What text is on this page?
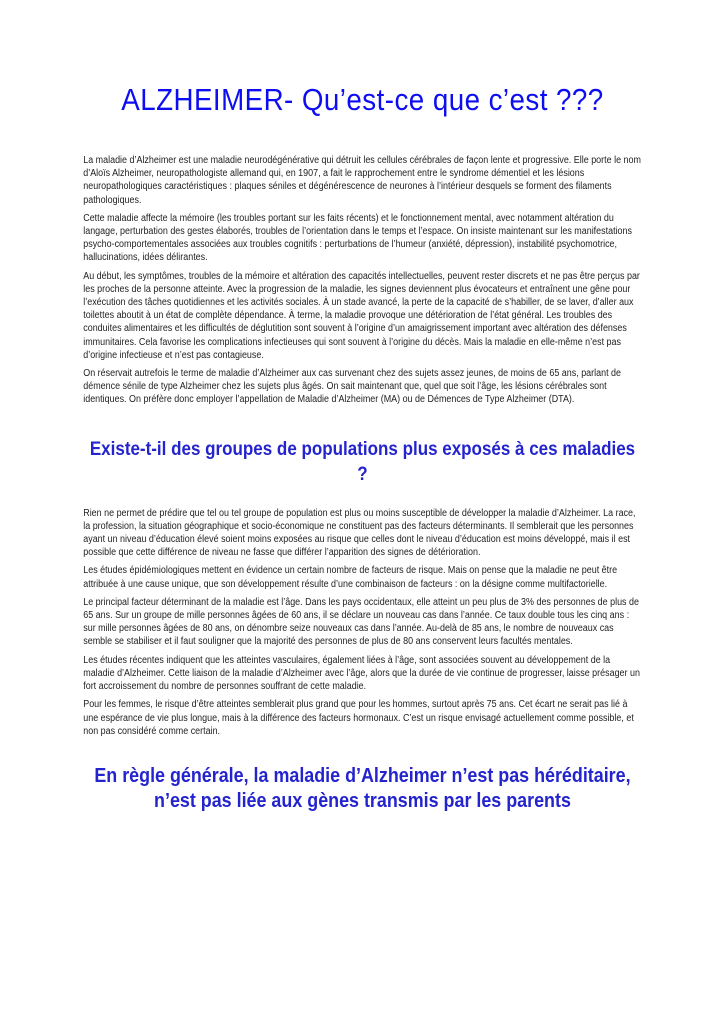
ALZHEIMER- Qu’est-ce que c’est ???

La maladie d’Alzheimer est une maladie neurodégénérative qui détruit les cellules cérébrales de façon lente et progressive. Elle porte le nom d’Aloïs Alzheimer, neuropathologiste allemand qui, en 1907, a fait le rapprochement entre le syndrome démentiel et les lésions neuropathologiques caractéristiques : plaques séniles et dégénérescence de neurones à l’intérieur desquels se forment des filaments pathologiques.

Cette maladie affecte la mémoire (les troubles portant sur les faits récents) et le fonctionnement mental, avec notamment altération du langage, perturbation des gestes élaborés, troubles de l’orientation dans le temps et l’espace. On insiste maintenant sur les manifestations psycho-comportementales associées aux troubles cognitifs : perturbations de l’humeur (anxiété, dépression), instabilité psychomotrice, hallucinations, idées délirantes.

Au début, les symptômes, troubles de la mémoire et altération des capacités intellectuelles, peuvent rester discrets et ne pas être perçus par les proches de la personne atteinte. Avec la progression de la maladie, les signes deviennent plus évocateurs et entraînent une gêne pour l’exécution des tâches quotidiennes et les activités sociales. À un stade avancé, la perte de la capacité de s’habiller, de se laver, d’aller aux toilettes aboutit à un état de complète dépendance. À terme, la maladie provoque une détérioration de l’état général. Les troubles des conduites alimentaires et les difficultés de déglutition sont souvent à l’origine d’un amaigrissement important avec altération des défenses immunitaires. Cela favorise les complications infectieuses qui sont souvent à l’origine du décès. Mais la maladie en elle-même n’est pas d’origine infectieuse et n’est pas contagieuse.

On réservait autrefois le terme de maladie d’Alzheimer aux cas survenant chez des sujets assez jeunes, de moins de 65 ans, parlant de démence sénile de type Alzheimer chez les sujets plus âgés. On sait maintenant que, quel que soit l’âge, les lésions cérébrales sont identiques. On préfère donc employer l’appellation de Maladie d’Alzheimer (MA) ou de Démences de Type Alzheimer (DTA).

Existe-t-il des groupes de populations plus exposés à ces maladies ?

Rien ne permet de prédire que tel ou tel groupe de population est plus ou moins susceptible de développer la maladie d’Alzheimer. La race, la profession, la situation géographique et socio-économique ne constituent pas des facteurs déterminants. Il semblerait que les personnes ayant un niveau d’éducation élevé soient moins exposées au risque que celles dont le niveau d’éducation est moins développé, mais il est possible que cette différence de niveau ne fasse que différer l’apparition des signes de détérioration.

Les études épidémiologiques mettent en évidence un certain nombre de facteurs de risque. Mais on pense que la maladie ne peut être attribuée à une cause unique, que son développement résulte d’une combinaison de facteurs : on la désigne comme multifactorielle.

Le principal facteur déterminant de la maladie est l’âge. Dans les pays occidentaux, elle atteint un peu plus de 3% des personnes de plus de 65 ans. Sur un groupe de mille personnes âgées de 60 ans, il se déclare un nouveau cas dans l’année. Ce taux double tous les cinq ans : sur mille personnes âgées de 80 ans, on dénombre seize nouveaux cas dans l’année. Au-delà de 85 ans, le nombre de nouveaux cas semble se stabiliser et il faut souligner que la majorité des personnes de plus de 80 ans conservent leurs facultés mentales.

Les études récentes indiquent que les atteintes vasculaires, également liées à l’âge, sont associées souvent au développement de la maladie d’Alzheimer. Cette liaison de la maladie d’Alzheimer avec l’âge, alors que la durée de vie continue de progresser, laisse présager un fort accroissement du nombre de personnes souffrant de cette maladie.

Pour les femmes, le risque d’être atteintes semblerait plus grand que pour les hommes, surtout après 75 ans. Cet écart ne serait pas lié à une espérance de vie plus longue, mais à la différence des facteurs hormonaux. C’est un risque envisagé actuellement comme possible, et non pas considéré comme certain.

En règle générale, la maladie d’Alzheimer n’est pas héréditaire, n’est pas liée aux gènes transmis par les parents
